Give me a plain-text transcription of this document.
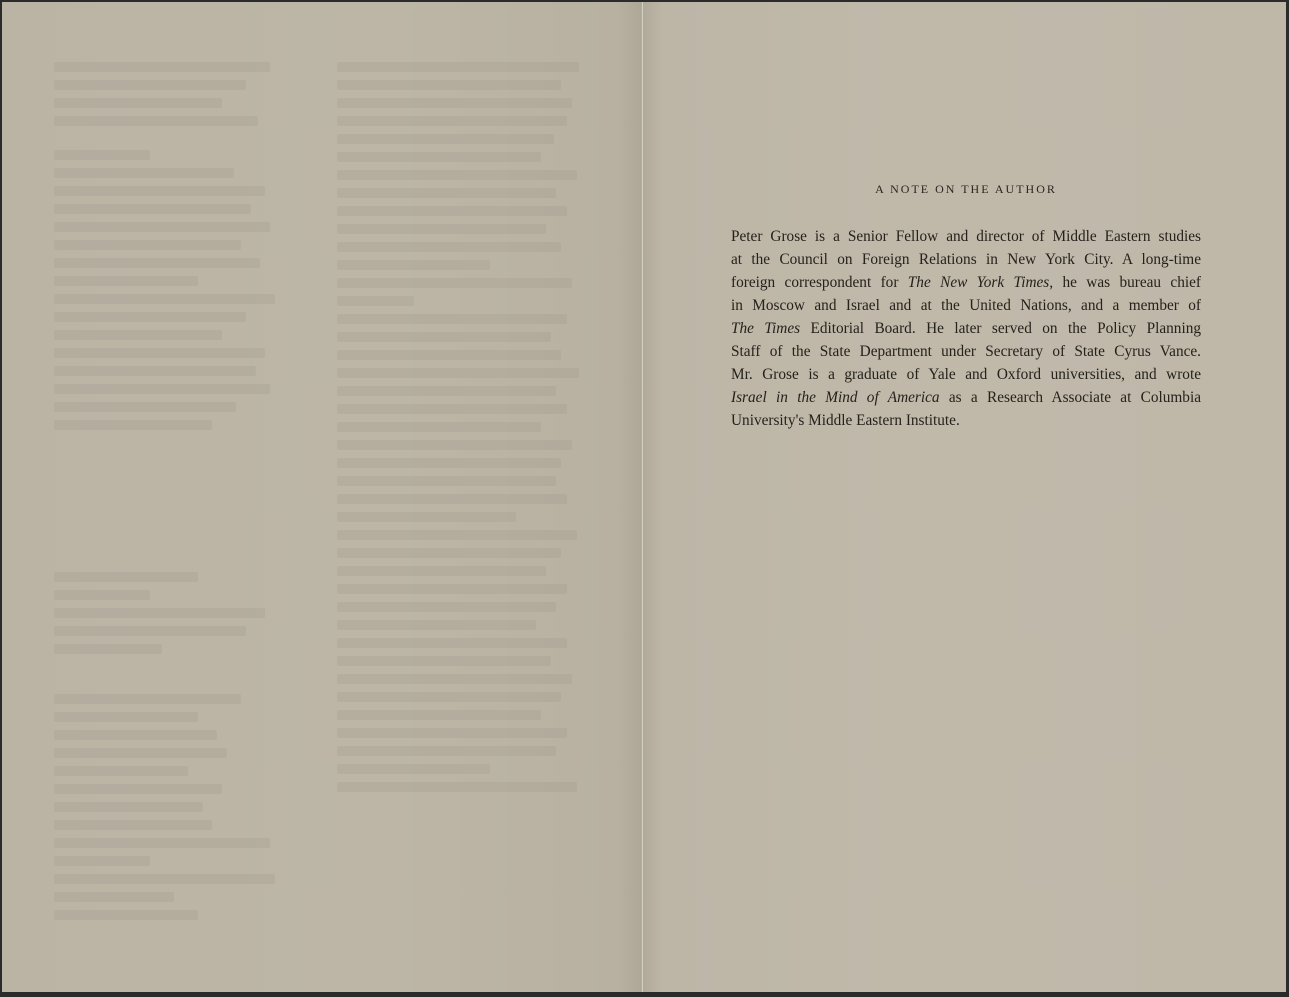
A NOTE ON THE AUTHOR
Peter Grose is a Senior Fellow and director of Middle Eastern studies
at the Council on Foreign Relations in New York City. A long-time
foreign correspondent for The New York Times, he was bureau chief
in Moscow and Israel and at the United Nations, and a member of
The Times Editorial Board. He later served on the Policy Planning
Staff of the State Department under Secretary of State Cyrus Vance.
Mr. Grose is a graduate of Yale and Oxford universities, and wrote
Israel in the Mind of America as a Research Associate at Columbia
University's Middle Eastern Institute.
